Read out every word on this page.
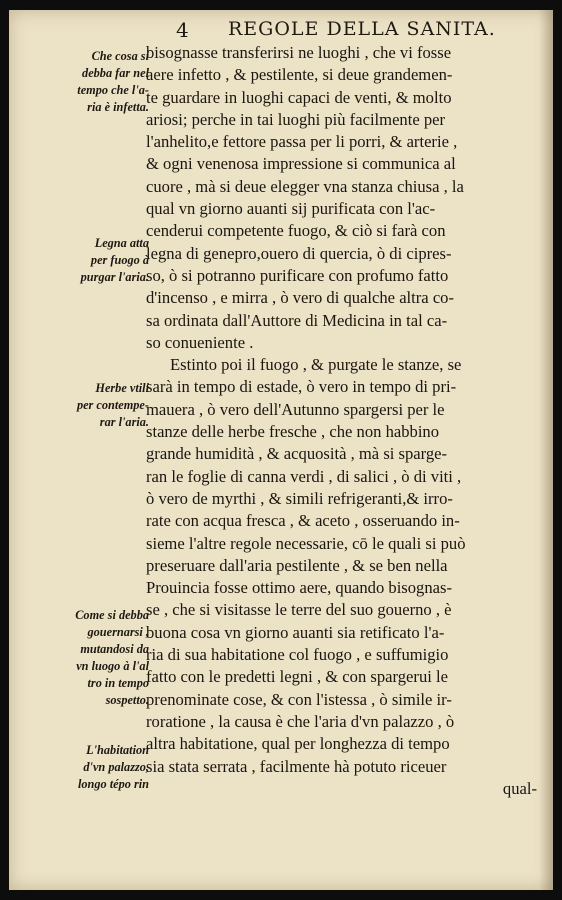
4 REGOLE DELLA SANITA.
Che cosa si
debba far nel
tempo che l'a-
ria è infetta.
Legna atta
per fuogo à
purgar l'aria.
Herbe vtili
per contempe-
rar l'aria.
Come si debba
gouernarsi ,
mutandosi da
vn luogo à l'al
tro in tempo
sospetto.
L'habitation
d'vn palazzo,
longo tépo rin
bisognasse transferirsi ne luoghi , che vi fosse
aere infetto , & pestilente, si deue grandemen-
te guardare in luoghi capaci de venti, & molto
ariosi; perche in tai luoghi più facilmente per
l'anhelito,e fettore passa per li porri, & arterie ,
& ogni venenosa impressione si communica al
cuore , mà si deue elegger vna stanza chiusa , la
qual vn giorno auanti sij purificata con l'ac-
cenderui competente fuogo, & ciò si farà con
legna di genepro,ouero di quercia, ò di cipres-
so, ò si potranno purificare con profumo fatto
d'incenso , e mirra , ò vero di qualche altra co-
sa ordinata dall'Auttore di Medicina in tal ca-
so conueniente .
Estinto poi il fuogo , & purgate le stanze, se
sarà in tempo di estade, ò vero in tempo di pri-
mauera , ò vero dell'Autunno spargersi per le
stanze delle herbe fresche , che non habbino
grande humidità , & acquosità , mà si sparge-
ran le foglie di canna verdi , di salici , ò di viti ,
ò vero de myrthi , & simili refrigeranti,& irro-
rate con acqua fresca , & aceto , osseruando in-
sieme l'altre regole necessarie, cō le quali si può
preseruare dall'aria pestilente , & se ben nella
Prouincia fosse ottimo aere, quando bisognas-
se , che si visitasse le terre del suo gouerno , è
buona cosa vn giorno auanti sia retificato l'a-
ria di sua habitatione col fuogo , e suffumigio
fatto con le predetti legni , & con spargerui le
prenominate cose, & con l'istessa , ò simile ir-
roratione , la causa è che l'aria d'vn palazzo , ò
altra habitatione, qual per longhezza di tempo
sia stata serrata , facilmente hà potuto riceuer
qual-
